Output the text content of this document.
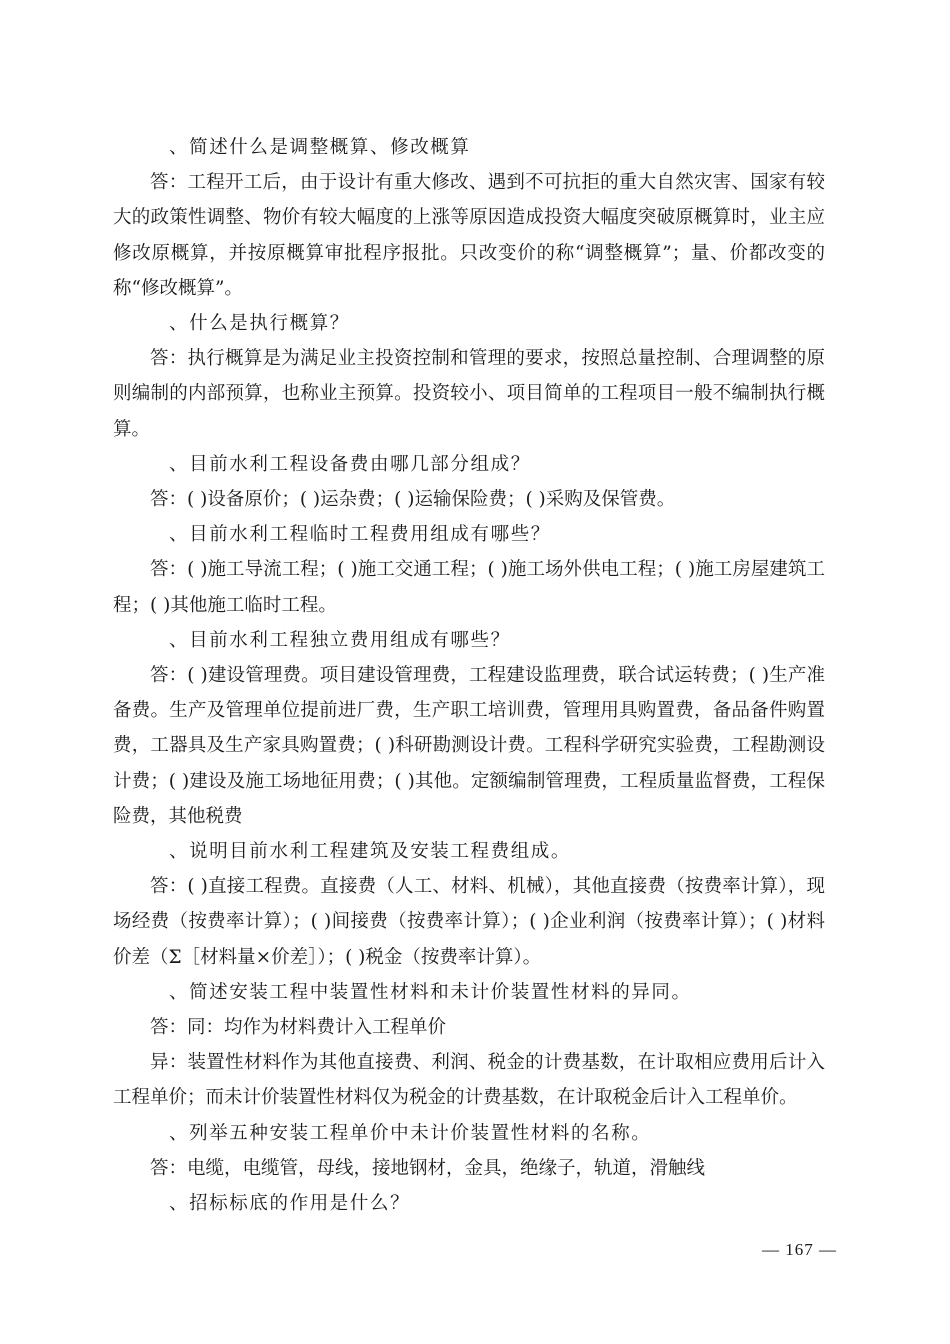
、简述什么是调整概算、修改概算

答：工程开工后，由于设计有重大修改、遇到不可抗拒的重大自然灾害、国家有较大的政策性调整、物价有较大幅度的上涨等原因造成投资大幅度突破原概算时，业主应修改原概算，并按原概算审批程序报批。只改变价的称“调整概算”；量、价都改变的称“修改概算”。

、什么是执行概算？

答：执行概算是为满足业主投资控制和管理的要求，按照总量控制、合理调整的原则编制的内部预算，也称业主预算。投资较小、项目简单的工程项目一般不编制执行概算。

、目前水利工程设备费由哪几部分组成？

答：( )设备原价；( )运杂费；( )运输保险费；( )采购及保管费。

、目前水利工程临时工程费用组成有哪些？

答：( )施工导流工程；( )施工交通工程；( )施工场外供电工程；( )施工房屋建筑工程；( )其他施工临时工程。

、目前水利工程独立费用组成有哪些？

答：( )建设管理费。项目建设管理费，工程建设监理费，联合试运转费；( )生产准备费。生产及管理单位提前进厂费，生产职工培训费，管理用具购置费，备品备件购置费，工器具及生产家具购置费；( )科研勘测设计费。工程科学研究实验费，工程勘测设计费；( )建设及施工场地征用费；( )其他。定额编制管理费，工程质量监督费，工程保险费，其他税费

、说明目前水利工程建筑及安装工程费组成。

答：( )直接工程费。直接费（人工、材料、机械），其他直接费（按费率计算），现场经费（按费率计算）；( )间接费（按费率计算）；( )企业利润（按费率计算）；( )材料价差（Σ［材料量×价差］）；( )税金（按费率计算）。

、简述安装工程中装置性材料和未计价装置性材料的异同。

答：同：均作为材料费计入工程单价

异：装置性材料作为其他直接费、利润、税金的计费基数，在计取相应费用后计入工程单价；而未计价装置性材料仅为税金的计费基数，在计取税金后计入工程单价。

、列举五种安装工程单价中未计价装置性材料的名称。

答：电缆，电缆管，母线，接地钢材，金具，绝缘子，轨道，滑触线

、招标标底的作用是什么？

— 167 —
